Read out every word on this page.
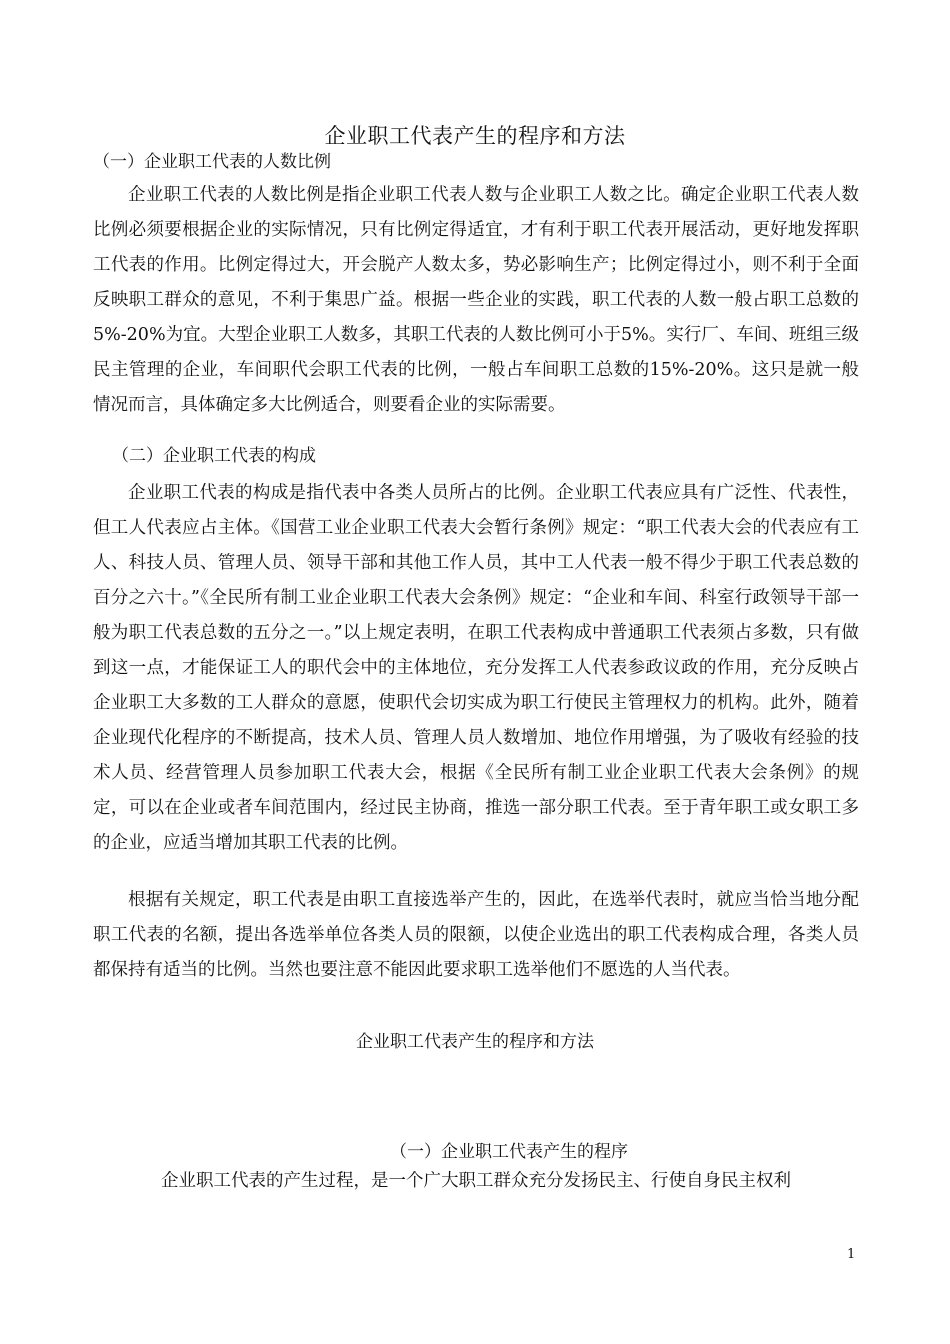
企业职工代表产生的程序和方法
（一）企业职工代表的人数比例
企业职工代表的人数比例是指企业职工代表人数与企业职工人数之比。确定企业职工代表人数比例必须要根据企业的实际情况，只有比例定得适宜，才有利于职工代表开展活动，更好地发挥职工代表的作用。比例定得过大，开会脱产人数太多，势必影响生产；比例定得过小，则不利于全面反映职工群众的意见，不利于集思广益。根据一些企业的实践，职工代表的人数一般占职工总数的5%-20%为宜。大型企业职工人数多，其职工代表的人数比例可小于5%。实行厂、车间、班组三级民主管理的企业，车间职代会职工代表的比例，一般占车间职工总数的15%-20%。这只是就一般情况而言，具体确定多大比例适合，则要看企业的实际需要。
（二）企业职工代表的构成
企业职工代表的构成是指代表中各类人员所占的比例。企业职工代表应具有广泛性、代表性，但工人代表应占主体。《国营工业企业职工代表大会暂行条例》规定：“职工代表大会的代表应有工人、科技人员、管理人员、领导干部和其他工作人员，其中工人代表一般不得少于职工代表总数的百分之六十。”《全民所有制工业企业职工代表大会条例》规定：“企业和车间、科室行政领导干部一般为职工代表总数的五分之一。”以上规定表明，在职工代表构成中普通职工代表须占多数，只有做到这一点，才能保证工人的职代会中的主体地位，充分发挥工人代表参政议政的作用，充分反映占企业职工大多数的工人群众的意愿，使职代会切实成为职工行使民主管理权力的机构。此外，随着企业现代化程序的不断提高，技术人员、管理人员人数增加、地位作用增强，为了吸收有经验的技术人员、经营管理人员参加职工代表大会，根据《全民所有制工业企业职工代表大会条例》的规定，可以在企业或者车间范围内，经过民主协商，推选一部分职工代表。至于青年职工或女职工多的企业，应适当增加其职工代表的比例。
根据有关规定，职工代表是由职工直接选举产生的，因此，在选举代表时，就应当恰当地分配职工代表的名额，提出各选举单位各类人员的限额，以使企业选出的职工代表构成合理，各类人员都保持有适当的比例。当然也要注意不能因此要求职工选举他们不愿选的人当代表。
企业职工代表产生的程序和方法
（一）企业职工代表产生的程序
企业职工代表的产生过程，是一个广大职工群众充分发扬民主、行使自身民主权利
1
